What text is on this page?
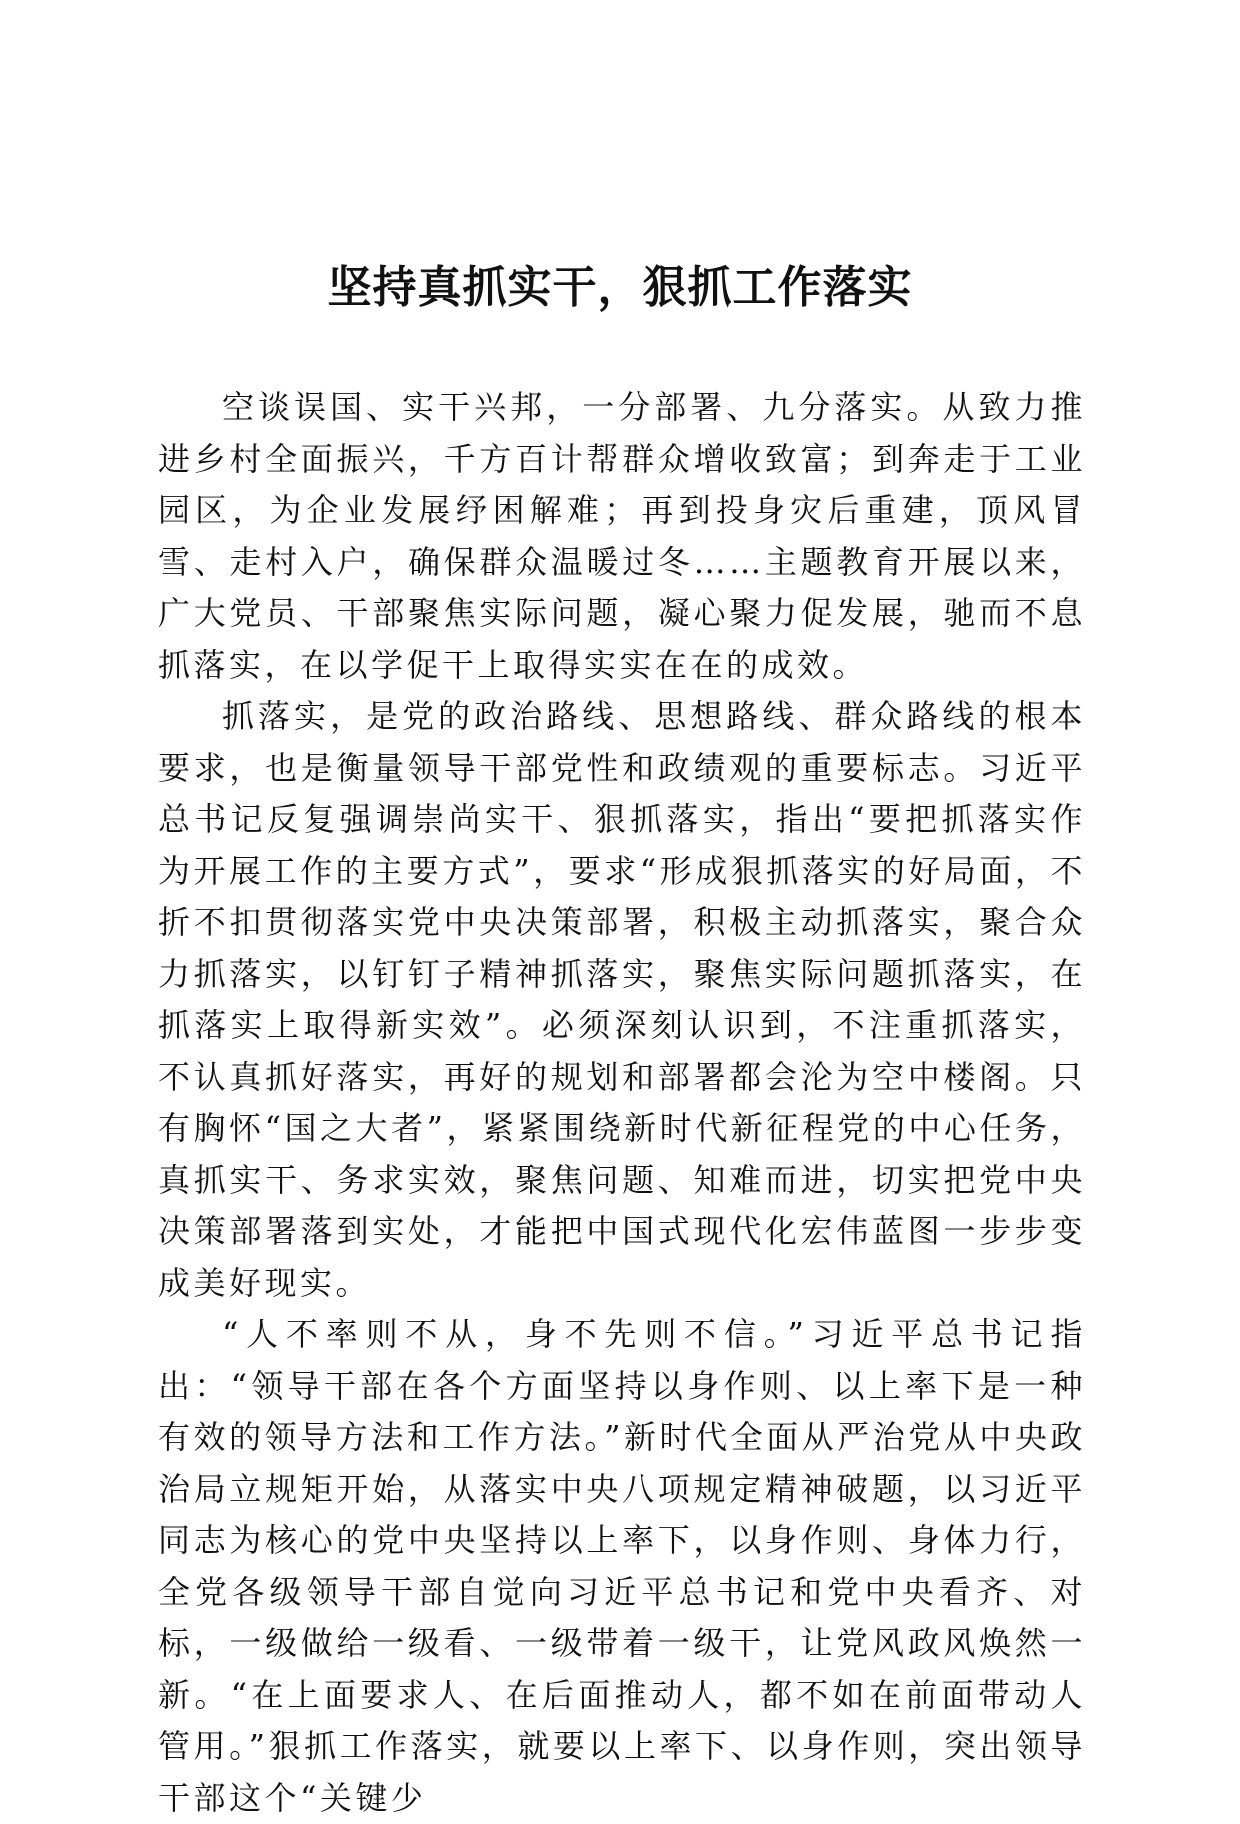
坚持真抓实干，狠抓工作落实

空谈误国、实干兴邦，一分部署、九分落实。从致力推进乡村全面振兴，千方百计帮群众增收致富；到奔走于工业园区，为企业发展纾困解难；再到投身灾后重建，顶风冒雪、走村入户，确保群众温暖过冬……主题教育开展以来，广大党员、干部聚焦实际问题，凝心聚力促发展，驰而不息抓落实，在以学促干上取得实实在在的成效。

抓落实，是党的政治路线、思想路线、群众路线的根本要求，也是衡量领导干部党性和政绩观的重要标志。习近平总书记反复强调崇尚实干、狠抓落实，指出“要把抓落实作为开展工作的主要方式”，要求“形成狠抓落实的好局面，不折不扣贯彻落实党中央决策部署，积极主动抓落实，聚合众力抓落实，以钉钉子精神抓落实，聚焦实际问题抓落实，在抓落实上取得新实效”。必须深刻认识到，不注重抓落实，不认真抓好落实，再好的规划和部署都会沦为空中楼阁。只有胸怀“国之大者”，紧紧围绕新时代新征程党的中心任务，真抓实干、务求实效，聚焦问题、知难而进，切实把党中央决策部署落到实处，才能把中国式现代化宏伟蓝图一步步变成美好现实。

“人不率则不从，身不先则不信。”习近平总书记指出：“领导干部在各个方面坚持以身作则、以上率下是一种有效的领导方法和工作方法。”新时代全面从严治党从中央政治局立规矩开始，从落实中央八项规定精神破题，以习近平同志为核心的党中央坚持以上率下，以身作则、身体力行，全党各级领导干部自觉向习近平总书记和党中央看齐、对标，一级做给一级看、一级带着一级干，让党风政风焕然一新。“在上面要求人、在后面推动人，都不如在前面带动人管用。”狠抓工作落实，就要以上率下、以身作则，突出领导干部这个“关键少
